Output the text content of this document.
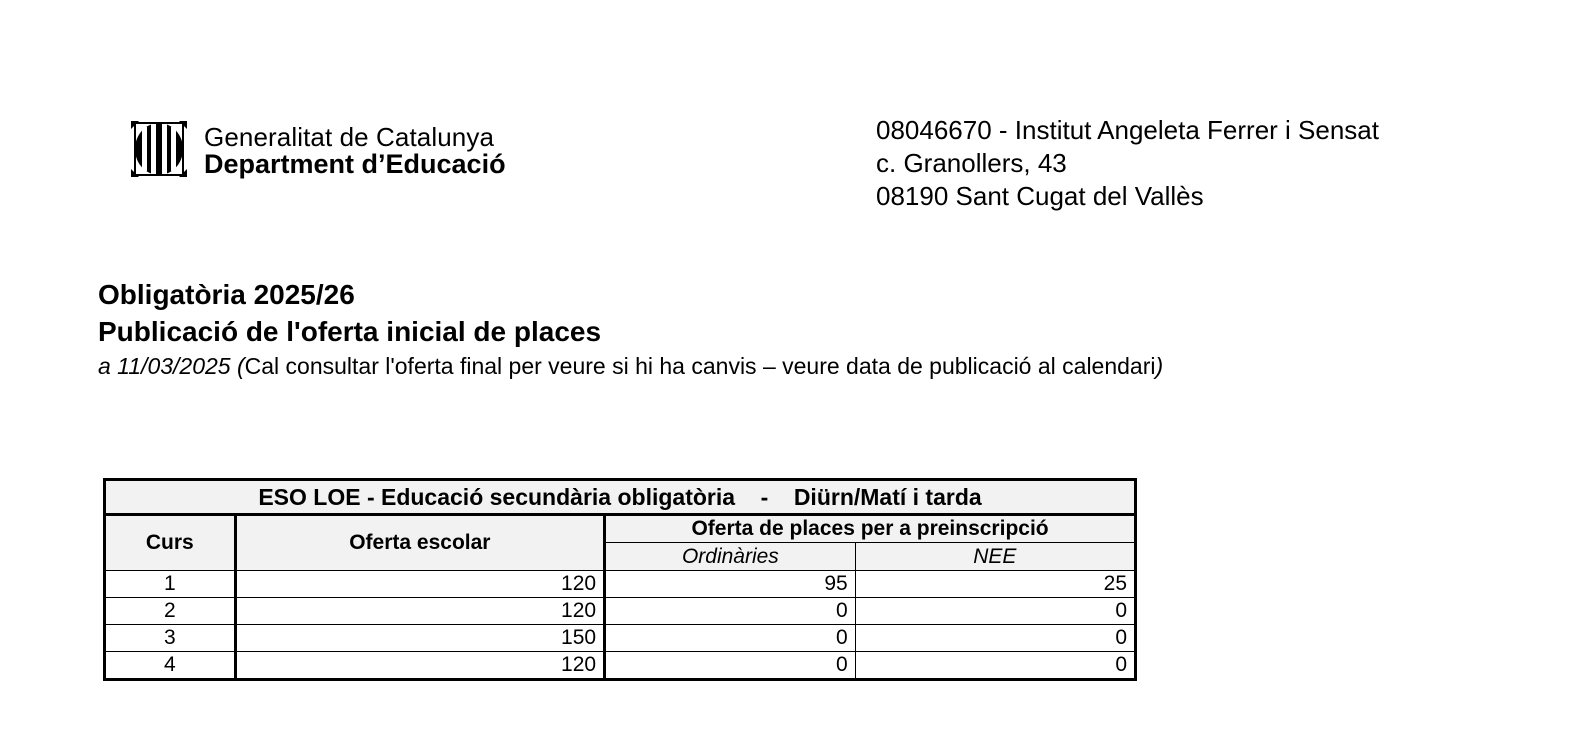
Generalitat de Catalunya
Department d’Educació
08046670 - Institut Angeleta Ferrer i Sensat
c. Granollers, 43
08190 Sant Cugat del Vallès
Obligatòria 2025/26
Publicació de l'oferta inicial de places
a 11/03/2025 (Cal consultar l'oferta final per veure si hi ha canvis – veure data de publicació al calendari)
ESO LOE - Educació secundària obligatòria    -    Diürn/Matí i tarda			
Curs	Oferta escolar	Oferta de places per a preinscripció	
		Ordinàries	NEE
1	120	95	25
2	120	0	0
3	150	0	0
4	120	0	0
